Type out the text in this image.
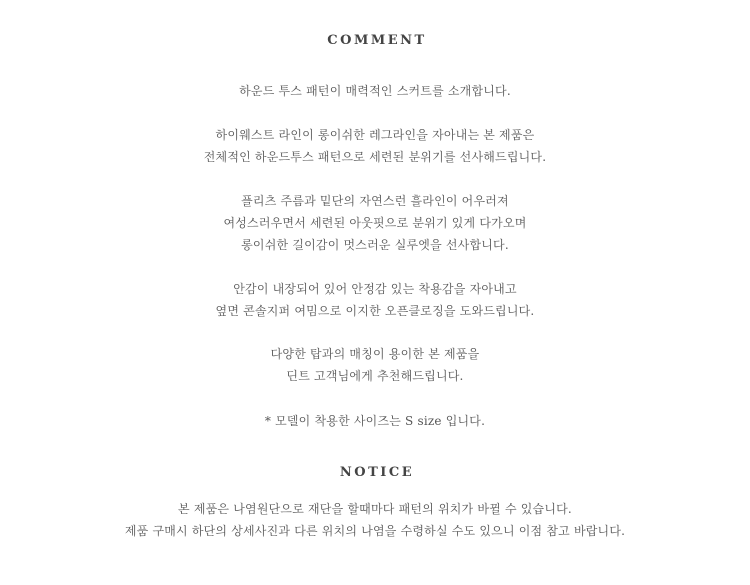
COMMENT

하운드 투스 패턴이 매력적인 스커트를 소개합니다.

하이웨스트 라인이 롱이쉬한 레그라인을 자아내는 본 제품은

전체적인 하운드투스 패턴으로 세련된 분위기를 선사해드립니다.

플리츠 주름과 밑단의 자연스런 흘라인이 어우러져

여성스러우면서 세련된 아웃핏으로 분위기 있게 다가오며

롱이쉬한 길이감이 멋스러운 실루엣을 선사합니다.

안감이 내장되어 있어 안정감 있는 착용감을 자아내고

옆면 콘솔지퍼 여밈으로 이지한 오픈클로징을 도와드립니다.

다양한 탑과의 매칭이 용이한 본 제품을

딘트 고객님에게 추천해드립니다.

* 모델이 착용한 사이즈는 S size 입니다.

NOTICE

본 제품은 나염원단으로 재단을 할때마다 패턴의 위치가 바뀔 수 있습니다.

제품 구매시 하단의 상세사진과 다른 위치의 나염을 수령하실 수도 있으니 이점 참고 바랍니다.
